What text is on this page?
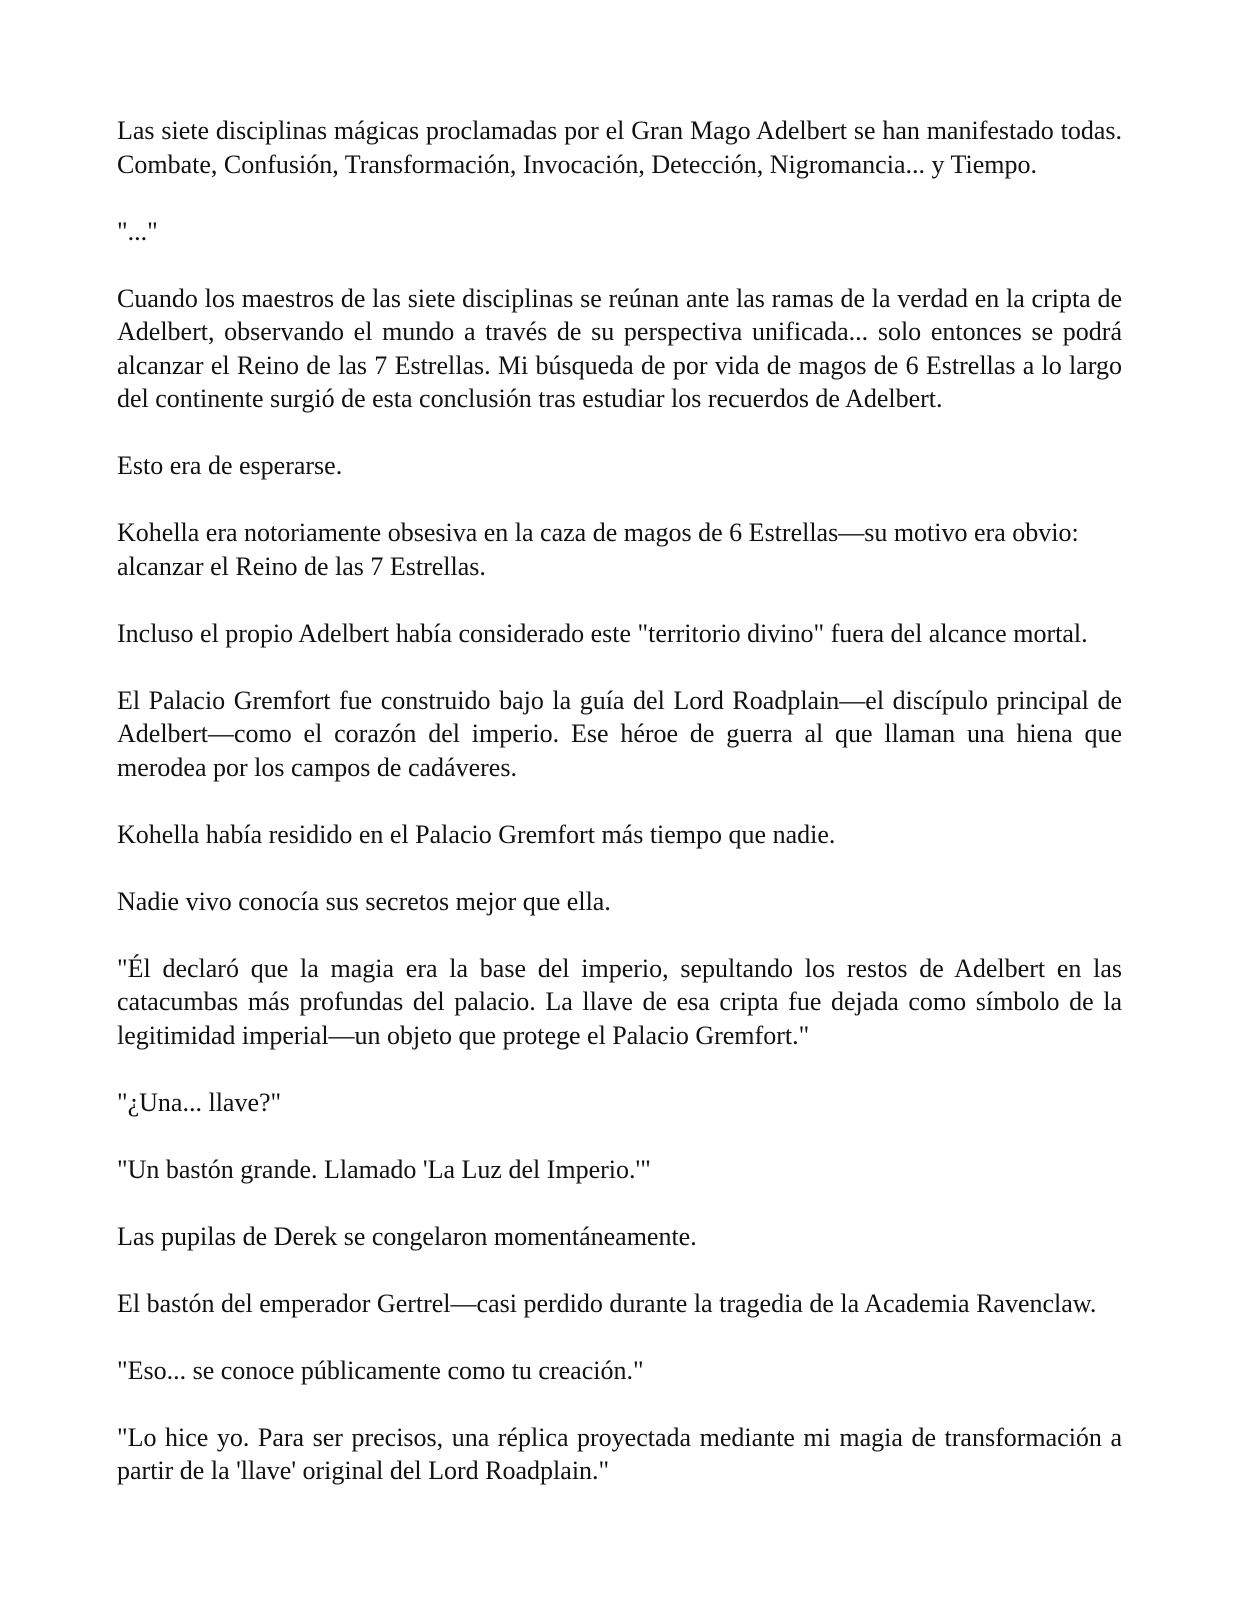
Las siete disciplinas mágicas proclamadas por el Gran Mago Adelbert se han manifestado todas. Combate, Confusión, Transformación, Invocación, Detección, Nigromancia... y Tiempo.

"..."

Cuando los maestros de las siete disciplinas se reúnan ante las ramas de la verdad en la cripta de Adelbert, observando el mundo a través de su perspectiva unificada... solo entonces se podrá alcanzar el Reino de las 7 Estrellas. Mi búsqueda de por vida de magos de 6 Estrellas a lo largo del continente surgió de esta conclusión tras estudiar los recuerdos de Adelbert.

Esto era de esperarse.

Kohella era notoriamente obsesiva en la caza de magos de 6 Estrellas—su motivo era obvio: alcanzar el Reino de las 7 Estrellas.

Incluso el propio Adelbert había considerado este "territorio divino" fuera del alcance mortal.

El Palacio Gremfort fue construido bajo la guía del Lord Roadplain—el discípulo principal de Adelbert—como el corazón del imperio. Ese héroe de guerra al que llaman una hiena que merodea por los campos de cadáveres.

Kohella había residido en el Palacio Gremfort más tiempo que nadie.

Nadie vivo conocía sus secretos mejor que ella.

"Él declaró que la magia era la base del imperio, sepultando los restos de Adelbert en las catacumbas más profundas del palacio. La llave de esa cripta fue dejada como símbolo de la legitimidad imperial—un objeto que protege el Palacio Gremfort."

"¿Una... llave?"

"Un bastón grande. Llamado 'La Luz del Imperio.'"

Las pupilas de Derek se congelaron momentáneamente.

El bastón del emperador Gertrel—casi perdido durante la tragedia de la Academia Ravenclaw.

"Eso... se conoce públicamente como tu creación."

"Lo hice yo. Para ser precisos, una réplica proyectada mediante mi magia de transformación a partir de la 'llave' original del Lord Roadplain."
